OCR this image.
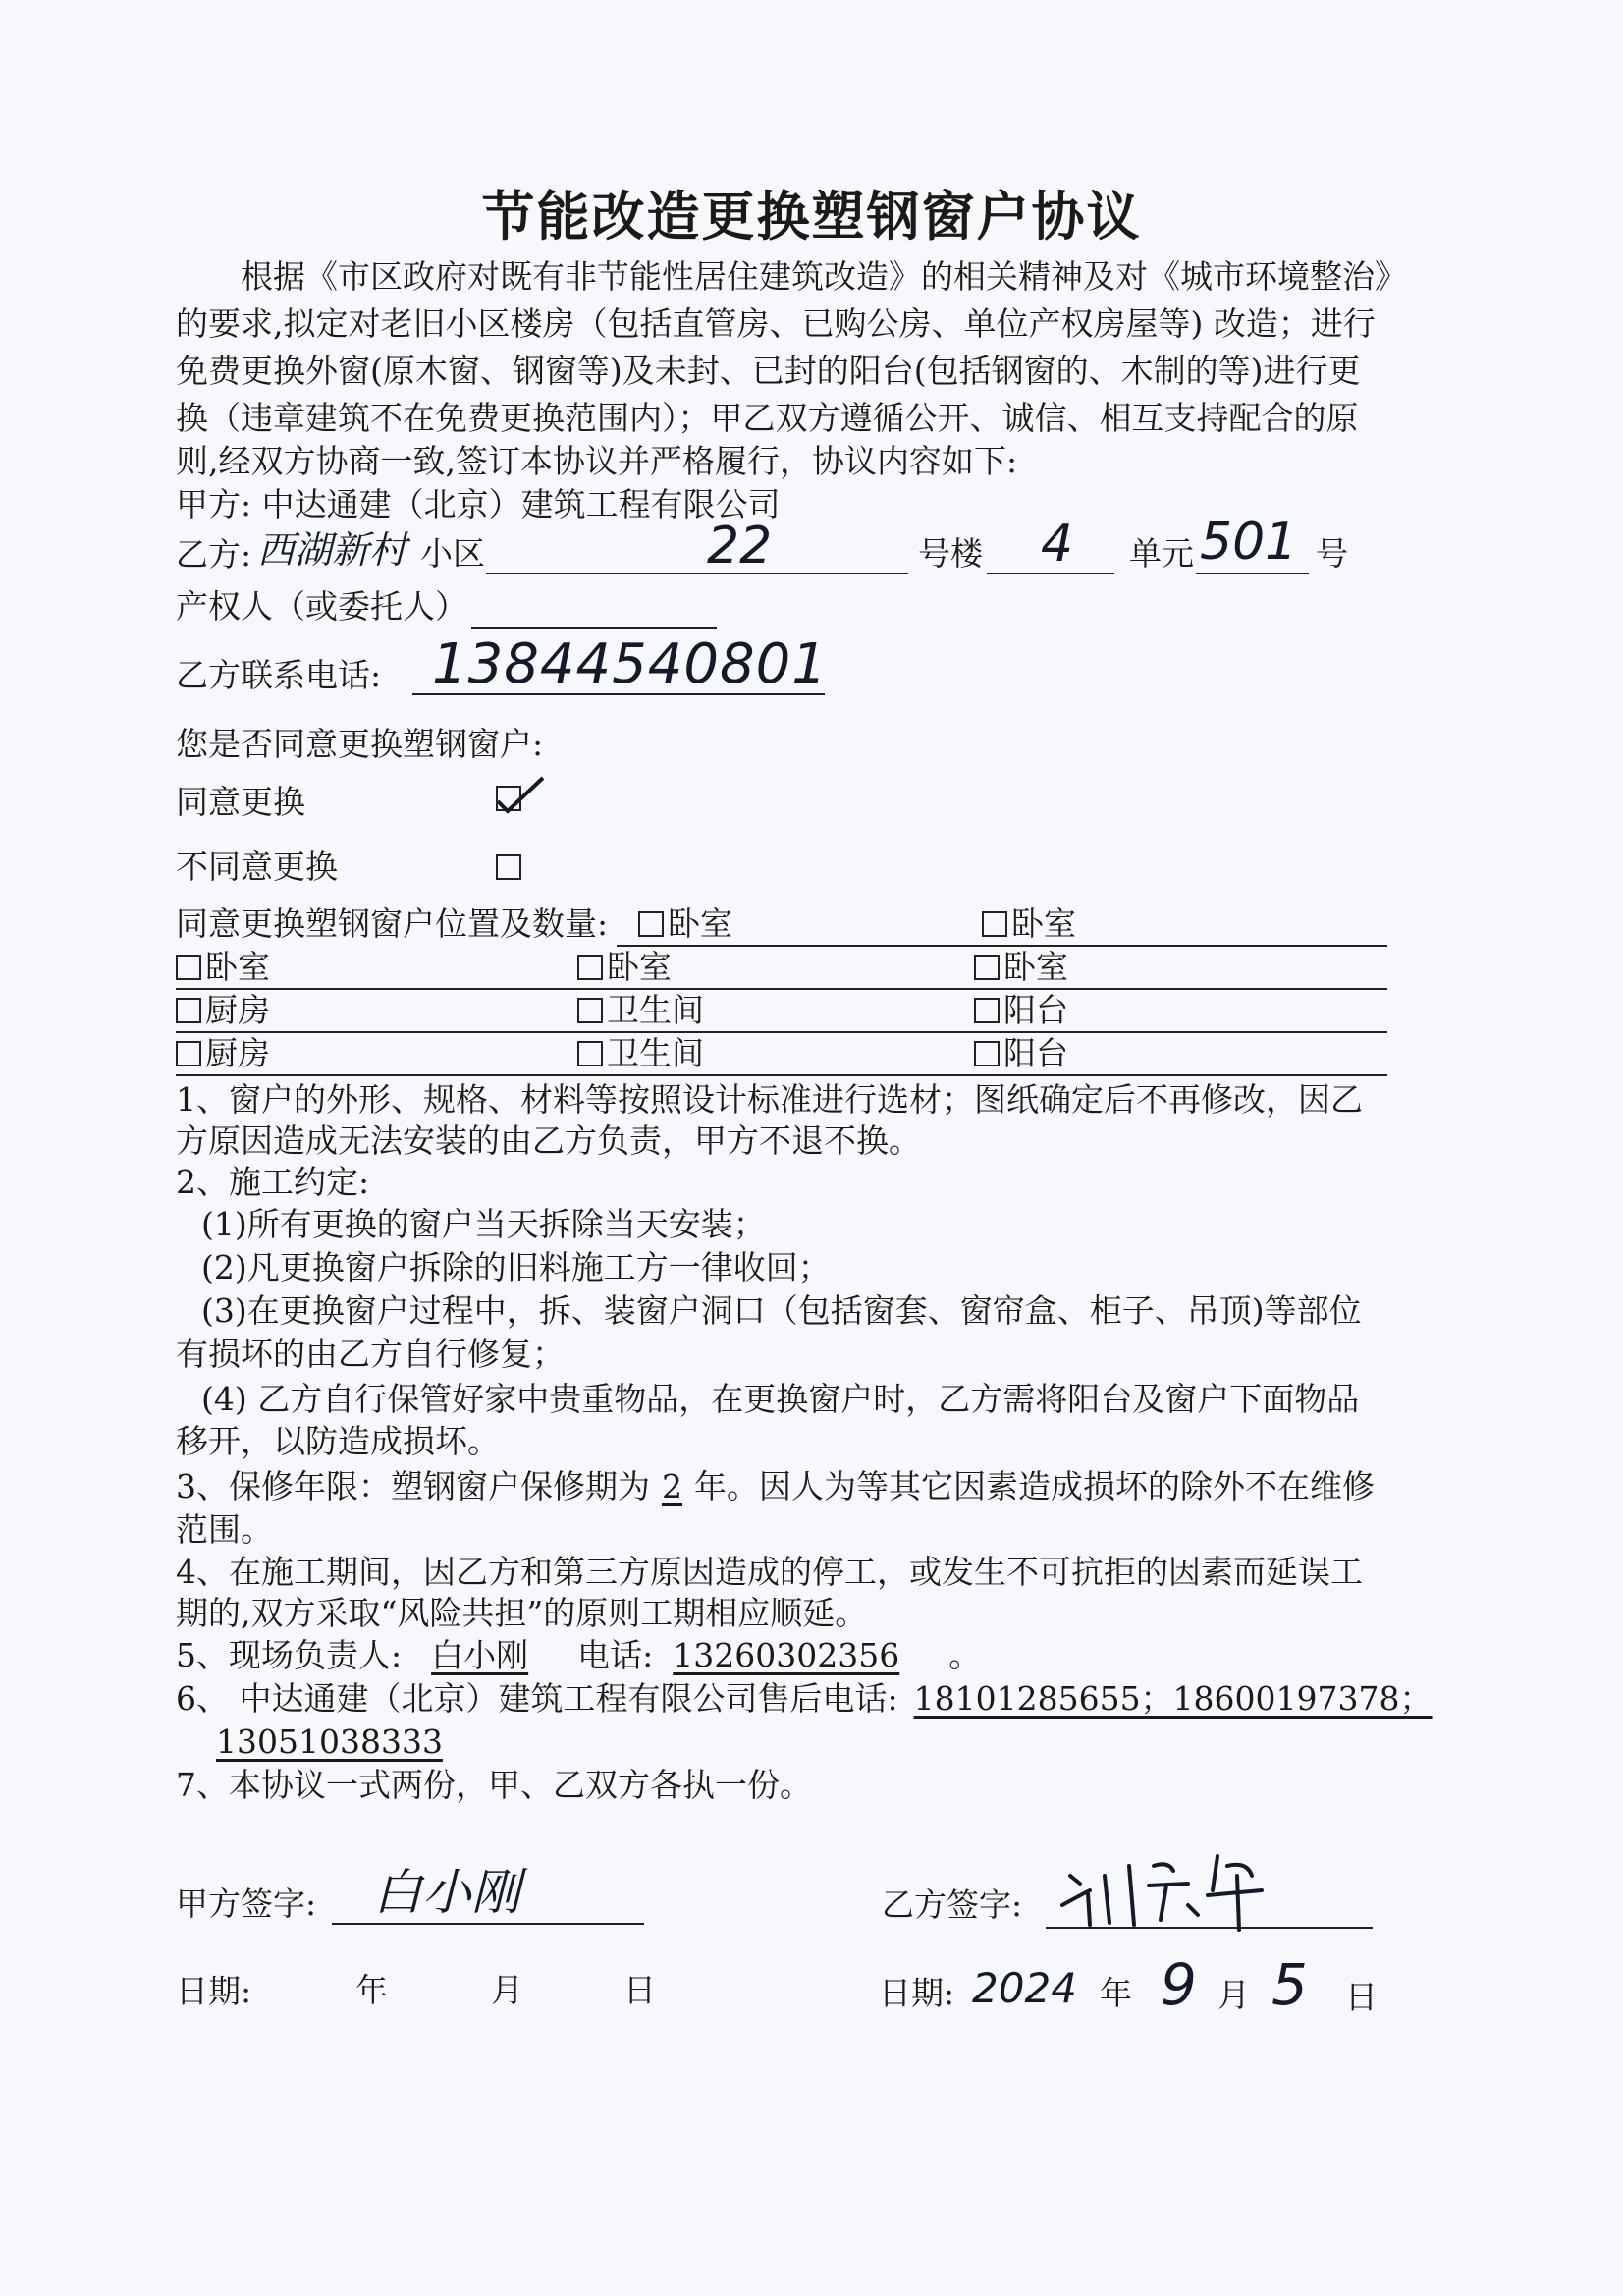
节能改造更换塑钢窗户协议
根据《市区政府对既有非节能性居住建筑改造》的相关精神及对《城市环境整治》
的要求,拟定对老旧小区楼房（包括直管房、已购公房、单位产权房屋等) 改造；进行
免费更换外窗(原木窗、钢窗等)及未封、已封的阳台(包括钢窗的、木制的等)进行更
换（违章建筑不在免费更换范围内）；甲乙双方遵循公开、诚信、相互支持配合的原
则,经双方协商一致,签订本协议并严格履行，协议内容如下:
甲方: 中达通建（北京）建筑工程有限公司
乙方: 西湖新村 小区	22	号楼 4 单元 501 号
产权人（或委托人）
乙方联系电话: 13844540801
您是否同意更换塑钢窗户:
同意更换
不同意更换
同意更换塑钢窗户位置及数量:	卧室	卧室
卧室	卧室	卧室
厨房	卫生间	阳台
厨房	卫生间	阳台
1、窗户的外形、规格、材料等按照设计标准进行选材；图纸确定后不再修改，因乙
方原因造成无法安装的由乙方负责，甲方不退不换。
2、施工约定:
(1)所有更换的窗户当天拆除当天安装；
(2)凡更换窗户拆除的旧料施工方一律收回；
(3)在更换窗户过程中，拆、装窗户洞口（包括窗套、窗帘盒、柜子、吊顶)等部位
有损坏的由乙方自行修复；
(4) 乙方自行保管好家中贵重物品，在更换窗户时，乙方需将阳台及窗户下面物品
移开，以防造成损坏。
3、保修年限：塑钢窗户保修期为 2 年。因人为等其它因素造成损坏的除外不在维修
范围。
4、在施工期间，因乙方和第三方原因造成的停工，或发生不可抗拒的因素而延误工
期的,双方采取“风险共担”的原则工期相应顺延。
5、现场负责人: 白小刚 电话: 13260302356 。
6、 中达通建（北京）建筑工程有限公司售后电话: 18101285655；18600197378；
13051038333
7、本协议一式两份，甲、乙双方各执一份。
甲方签字: 白小刚	乙方签字:
日期:	年	月	日	日期: 2024 年 9 月 5 日
